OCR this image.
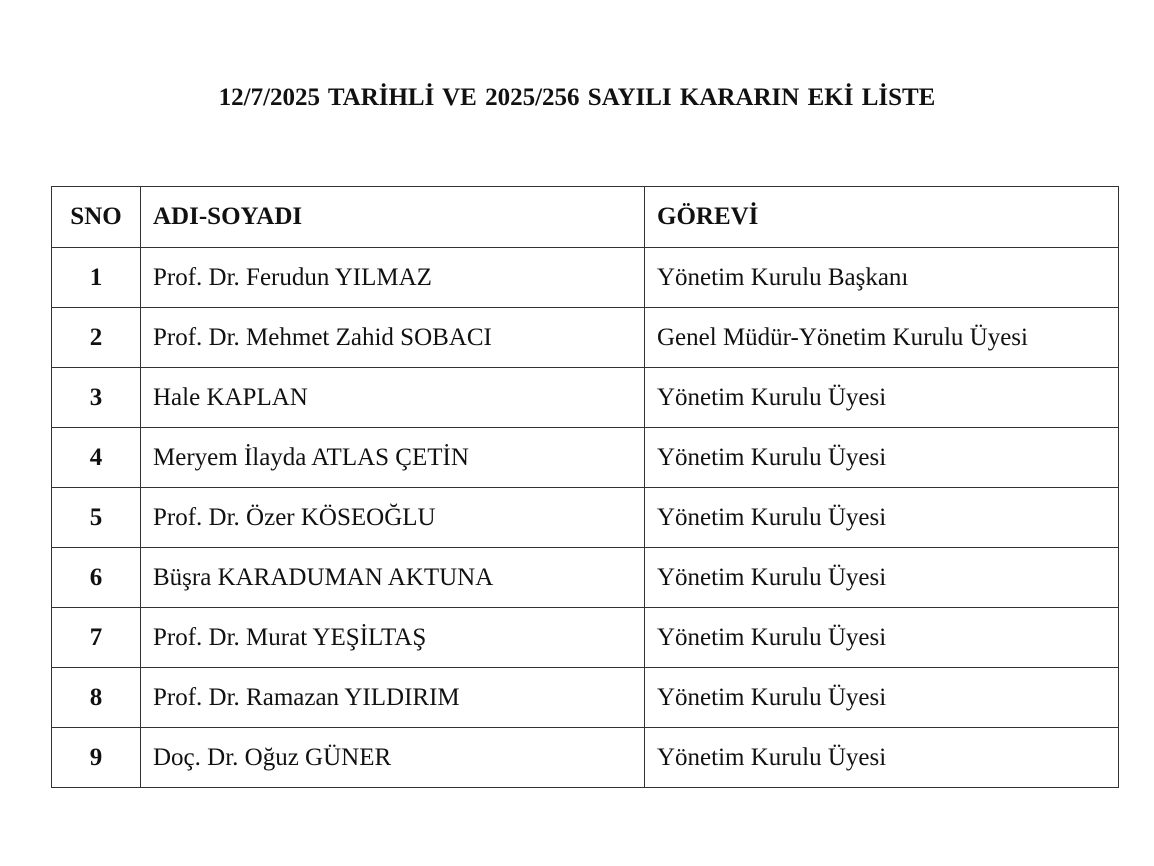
12/7/2025 TARİHLİ VE 2025/256 SAYILI KARARIN EKİ LİSTE
SNO	ADI-SOYADI	GÖREVİ
1	Prof. Dr. Ferudun YILMAZ	Yönetim Kurulu Başkanı
2	Prof. Dr. Mehmet Zahid SOBACI	Genel Müdür-Yönetim Kurulu Üyesi
3	Hale KAPLAN	Yönetim Kurulu Üyesi
4	Meryem İlayda ATLAS ÇETİN	Yönetim Kurulu Üyesi
5	Prof. Dr. Özer KÖSEOĞLU	Yönetim Kurulu Üyesi
6	Büşra KARADUMAN AKTUNA	Yönetim Kurulu Üyesi
7	Prof. Dr. Murat YEŞİLTAŞ	Yönetim Kurulu Üyesi
8	Prof. Dr. Ramazan YILDIRIM	Yönetim Kurulu Üyesi
9	Doç. Dr. Oğuz GÜNER	Yönetim Kurulu Üyesi
